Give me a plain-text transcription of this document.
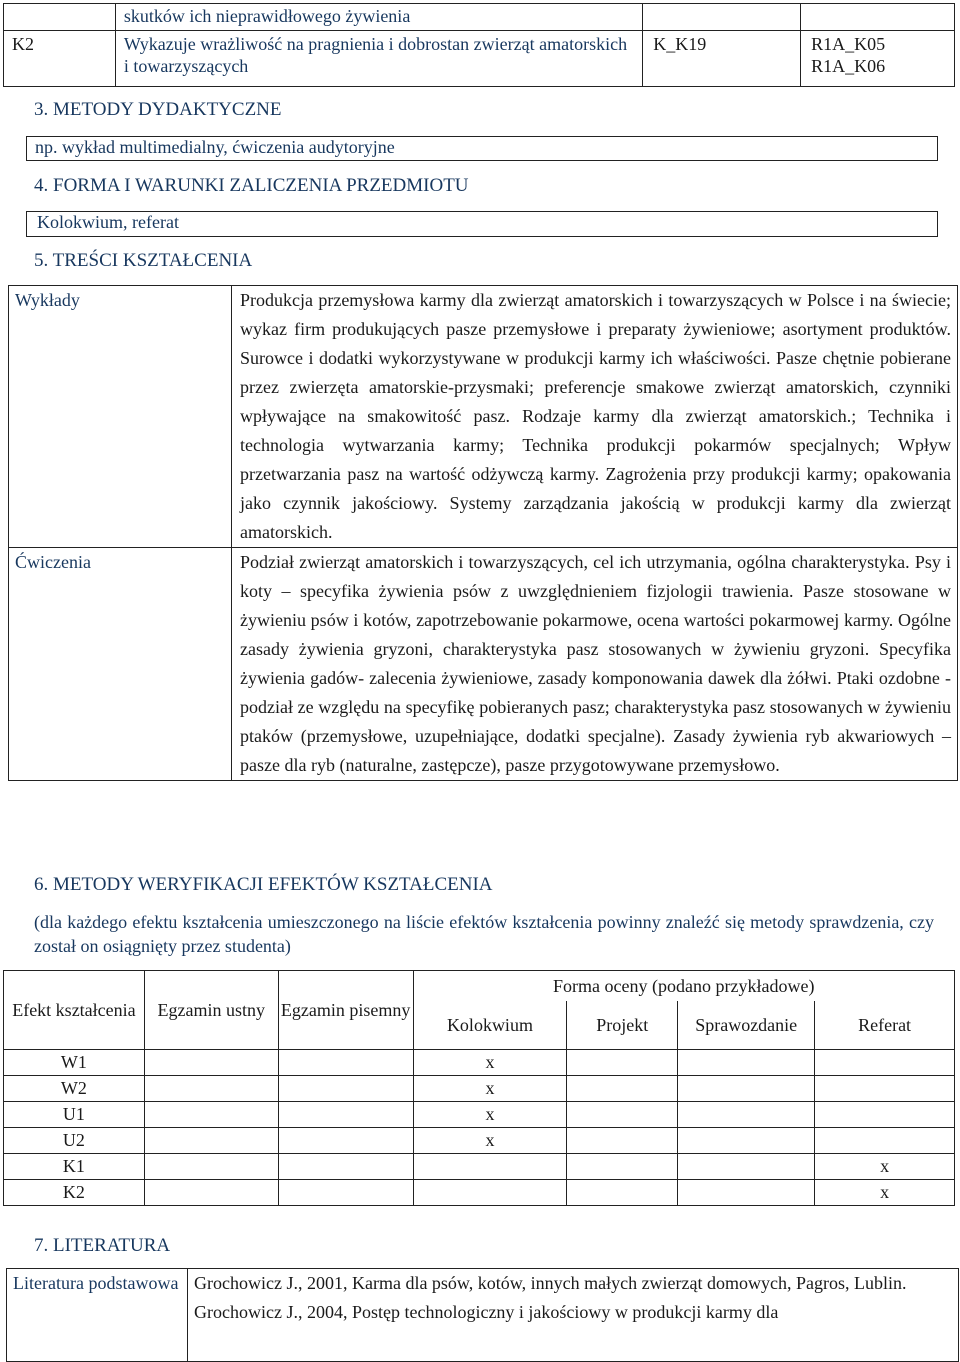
	skutków ich nieprawidłowego żywienia		
K2	Wykazuje wrażliwość na pragnienia i dobrostan zwierząt amatorskich i towarzyszących	K_K19	R1A_K05
R1A_K06
3. METODY DYDAKTYCZNE
np. wykład multimedialny, ćwiczenia audytoryjne
4. FORMA I WARUNKI ZALICZENIA PRZEDMIOTU
Kolokwium, referat
5. TREŚCI KSZTAŁCENIA
Wykłady	Produkcja przemysłowa karmy dla zwierząt amatorskich i towarzyszących w Polsce i na świecie; wykaz firm produkujących pasze przemysłowe i preparaty żywieniowe; asortyment produktów. Surowce i dodatki wykorzystywane w produkcji karmy ich właściwości. Pasze chętnie pobierane przez zwierzęta amatorskie-przysmaki; preferencje smakowe zwierząt amatorskich, czynniki wpływające na smakowitość pasz. Rodzaje karmy dla zwierząt amatorskich.; Technika i technologia wytwarzania karmy; Technika produkcji pokarmów specjalnych; Wpływ przetwarzania pasz na wartość odżywczą karmy. Zagrożenia przy produkcji karmy; opakowania jako czynnik jakościowy. Systemy zarządzania jakością w produkcji karmy dla zwierząt amatorskich.
Ćwiczenia	Podział zwierząt amatorskich i towarzyszących, cel ich utrzymania, ogólna charakterystyka. Psy i koty – specyfika żywienia psów z uwzględnieniem fizjologii trawienia. Pasze stosowane w żywieniu psów i kotów, zapotrzebowanie pokarmowe, ocena wartości pokarmowej karmy. Ogólne zasady żywienia gryzoni, charakterystyka pasz stosowanych w żywieniu gryzoni. Specyfika żywienia gadów- zalecenia żywieniowe, zasady komponowania dawek dla żółwi. Ptaki ozdobne - podział ze względu na specyfikę pobieranych pasz; charakterystyka pasz stosowanych w żywieniu ptaków (przemysłowe, uzupełniające, dodatki specjalne). Zasady żywienia ryb akwariowych – pasze dla ryb (naturalne, zastępcze), pasze przygotowywane przemysłowo.
6. METODY WERYFIKACJI EFEKTÓW KSZTAŁCENIA
(dla każdego efektu kształcenia umieszczonego na liście efektów kształcenia powinny znaleźć się metody sprawdzenia, czy został on osiągnięty przez studenta)
Efekt kształcenia	Egzamin ustny	Egzamin pisemny	Forma oceny (podano przykładowe)			
			Kolokwium	Projekt	Sprawozdanie	Referat
W1			x			
W2			x			
U1			x			
U2			x			
K1						x
K2						x
7. LITERATURA
Literatura podstawowa	Grochowicz J., 2001, Karma dla psów, kotów, innych małych zwierząt domowych, Pagros, Lublin.
Grochowicz J., 2004, Postęp technologiczny i jakościowy w produkcji karmy dla
